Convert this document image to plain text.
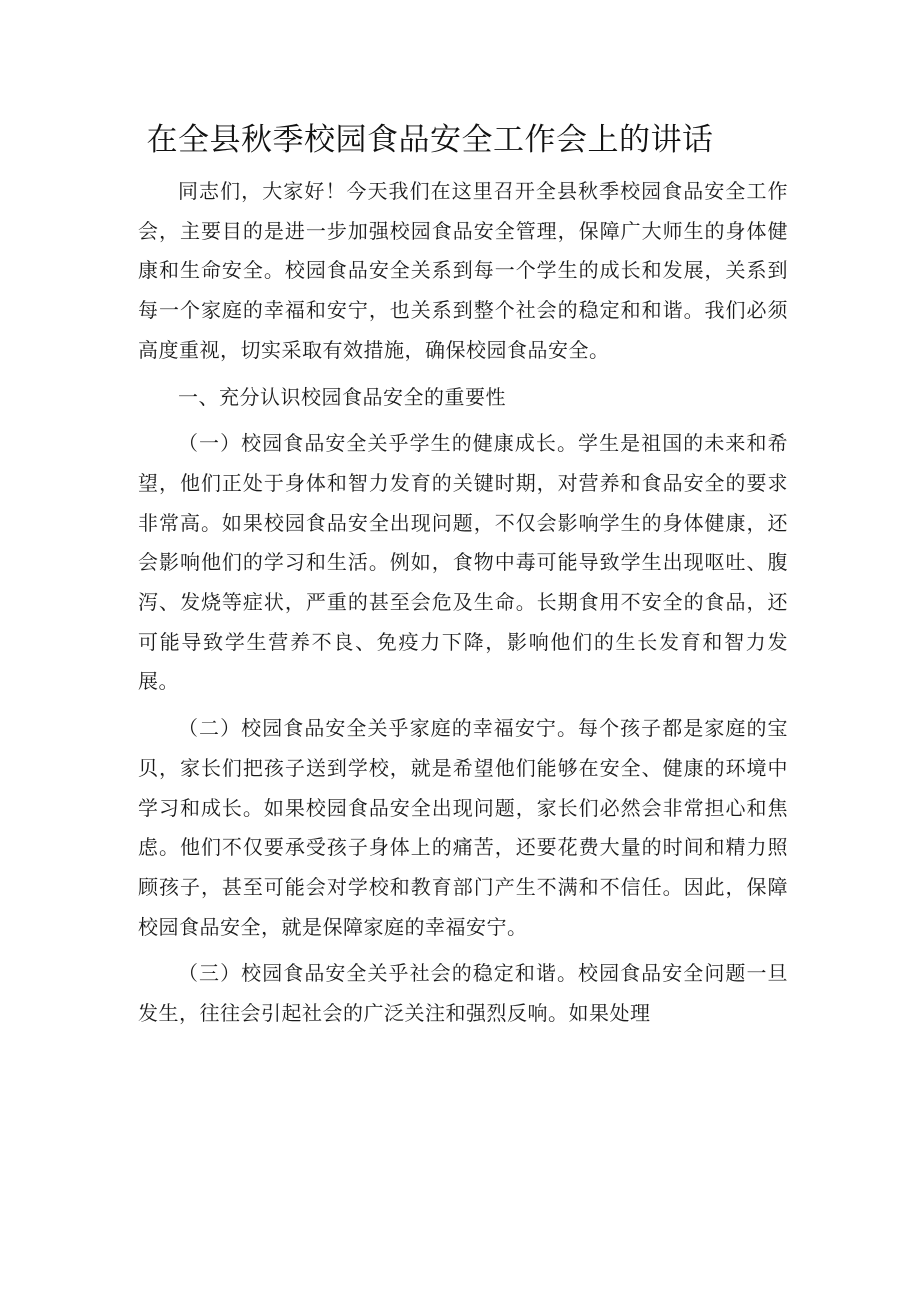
在全县秋季校园食品安全工作会上的讲话

同志们，大家好！今天我们在这里召开全县秋季校园食品安全工作会，主要目的是进一步加强校园食品安全管理，保障广大师生的身体健康和生命安全。校园食品安全关系到每一个学生的成长和发展，关系到每一个家庭的幸福和安宁，也关系到整个社会的稳定和和谐。我们必须高度重视，切实采取有效措施，确保校园食品安全。

一、充分认识校园食品安全的重要性

（一）校园食品安全关乎学生的健康成长。学生是祖国的未来和希望，他们正处于身体和智力发育的关键时期，对营养和食品安全的要求非常高。如果校园食品安全出现问题，不仅会影响学生的身体健康，还会影响他们的学习和生活。例如，食物中毒可能导致学生出现呕吐、腹泻、发烧等症状，严重的甚至会危及生命。长期食用不安全的食品，还可能导致学生营养不良、免疫力下降，影响他们的生长发育和智力发展。

（二）校园食品安全关乎家庭的幸福安宁。每个孩子都是家庭的宝贝，家长们把孩子送到学校，就是希望他们能够在安全、健康的环境中学习和成长。如果校园食品安全出现问题，家长们必然会非常担心和焦虑。他们不仅要承受孩子身体上的痛苦，还要花费大量的时间和精力照顾孩子，甚至可能会对学校和教育部门产生不满和不信任。因此，保障校园食品安全，就是保障家庭的幸福安宁。

（三）校园食品安全关乎社会的稳定和谐。校园食品安全问题一旦发生，往往会引起社会的广泛关注和强烈反响。如果处理
